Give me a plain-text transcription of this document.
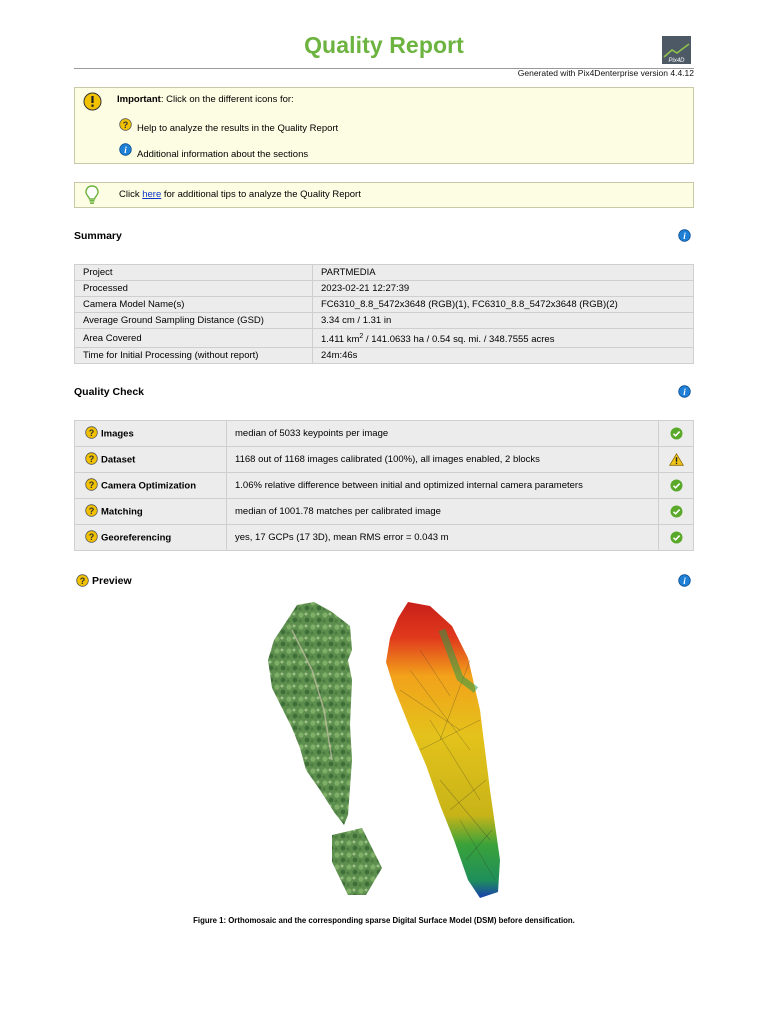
Quality Report
Pix4D
Generated with Pix4Denterprise version 4.4.12
Important: Click on the different icons for:
? Help to analyze the results in the Quality Report
i Additional information about the sections
Click here for additional tips to analyze the Quality Report
Summary	i
Project	PARTMEDIA
Processed	2023-02-21 12:27:39
Camera Model Name(s)	FC6310_8.8_5472x3648 (RGB)(1), FC6310_8.8_5472x3648 (RGB)(2)
Average Ground Sampling Distance (GSD)	3.34 cm / 1.31 in
Area Covered	1.411 $km^2 / 141.0633$ ha / 0.54 sq. mi. / 348.7555 acres
Time for Initial Processing (without report)	24m:46s
Quality Check	i
? Images	median of 5033 keypoints per image	

? Dataset	1168 out of 1168 images calibrated (100%), all images enabled, 2 blocks	

? Camera Optimization	1.06% relative difference between initial and optimized internal camera parameters	

? Matching	median of 1001.78 matches per calibrated image	

? Georeferencing	yes, 17 GCPs (17 3D), mean RMS error = 0.043 m	
? Preview	i
Figure 1: Orthomosaic and the corresponding sparse Digital Surface Model (DSM) before densification.
